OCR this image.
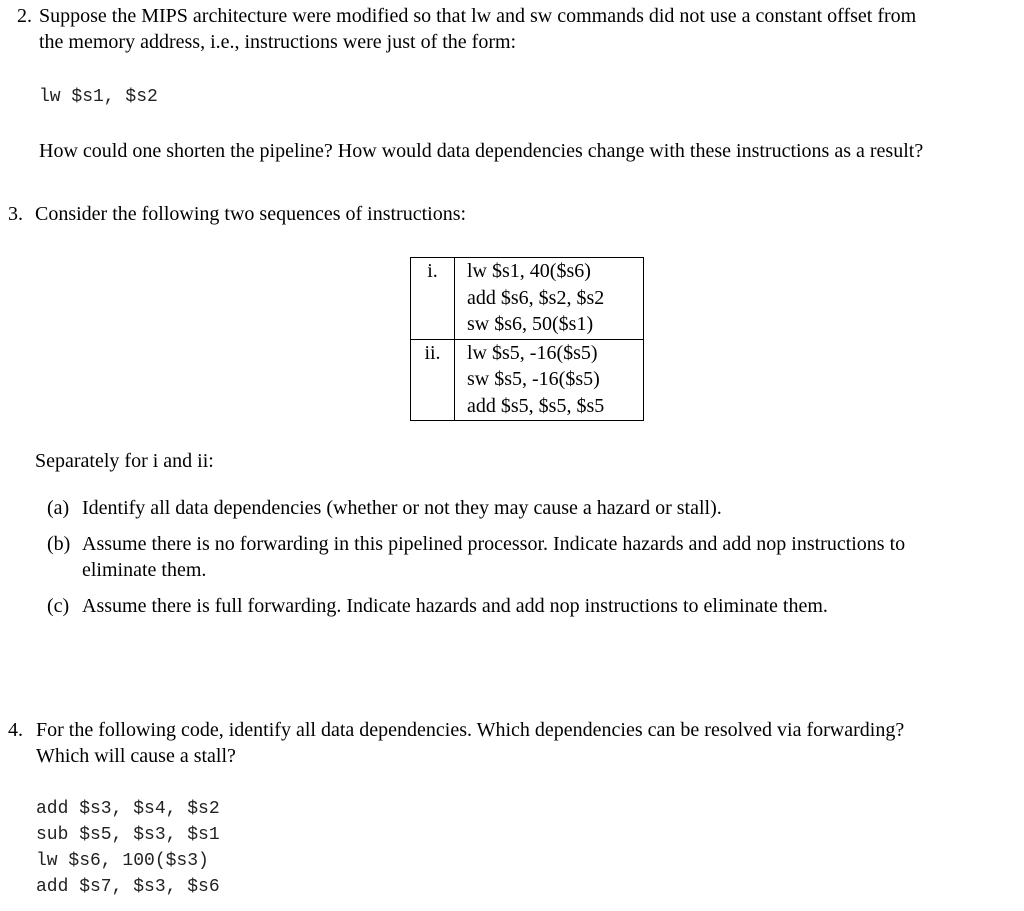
2. Suppose the MIPS architecture were modified so that lw and sw commands did not use a constant offset from
the memory address, i.e., instructions were just of the form:
lw $s1, $s2
How could one shorten the pipeline? How would data dependencies change with these instructions as a result?
3. Consider the following two sequences of instructions:
i.	lw $s1, 40($s6)
add $s6, $s2, $s2
sw $s6, 50($s1)

ii.	lw $s5, -16($s5)
sw $s5, -16($s5)
add $s5, $s5, $s5
Separately for i and ii:
(a) Identify all data dependencies (whether or not they may cause a hazard or stall).
(b) Assume there is no forwarding in this pipelined processor. Indicate hazards and add nop instructions to
eliminate them.
(c) Assume there is full forwarding. Indicate hazards and add nop instructions to eliminate them.
4. For the following code, identify all data dependencies. Which dependencies can be resolved via forwarding?
Which will cause a stall?
add $s3, $s4, $s2
sub $s5, $s3, $s1
lw $s6, 100($s3)
add $s7, $s3, $s6
